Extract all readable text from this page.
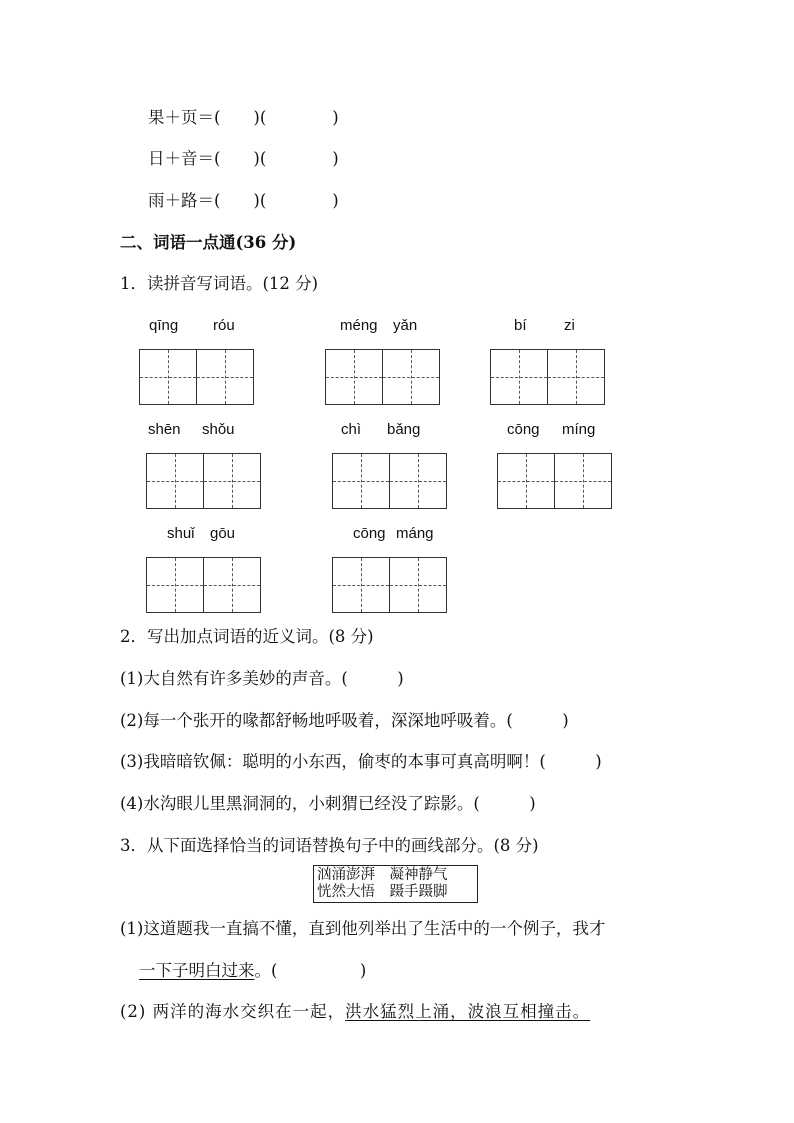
果＋页＝(　　)(　　　　)
日＋音＝(　　)(　　　　)
雨＋路＝(　　)(　　　　)
二、词语一点通(36 分)
1．读拼音写词语。(12 分)
qīng róu	méng yǎn	bí zi
shēn shǒu	chì bǎng	cōng míng
shuǐ gōu	cōng máng
2．写出加点词语的近义词。(8 分)
(1)大自然有许多美妙的声音。(　　　)
(2)每一个张开的喙都舒畅地呼吸着，深深地呼吸着。(　　　)
(3)我暗暗钦佩：聪明的小东西，偷枣的本事可真高明啊！(　　　)
(4)水沟眼儿里黑洞洞的，小刺猬已经没了踪影。(　　　)
3．从下面选择恰当的词语替换句子中的画线部分。(8 分)
汹涌澎湃　凝神静气
恍然大悟　蹑手蹑脚
(1)这道题我一直搞不懂，直到他列举出了生活中的一个例子，我才
一下子明白过来。(　　　　　)
(2) 两洋的海水交织在一起，洪水猛烈上涌，波浪互相撞击。
